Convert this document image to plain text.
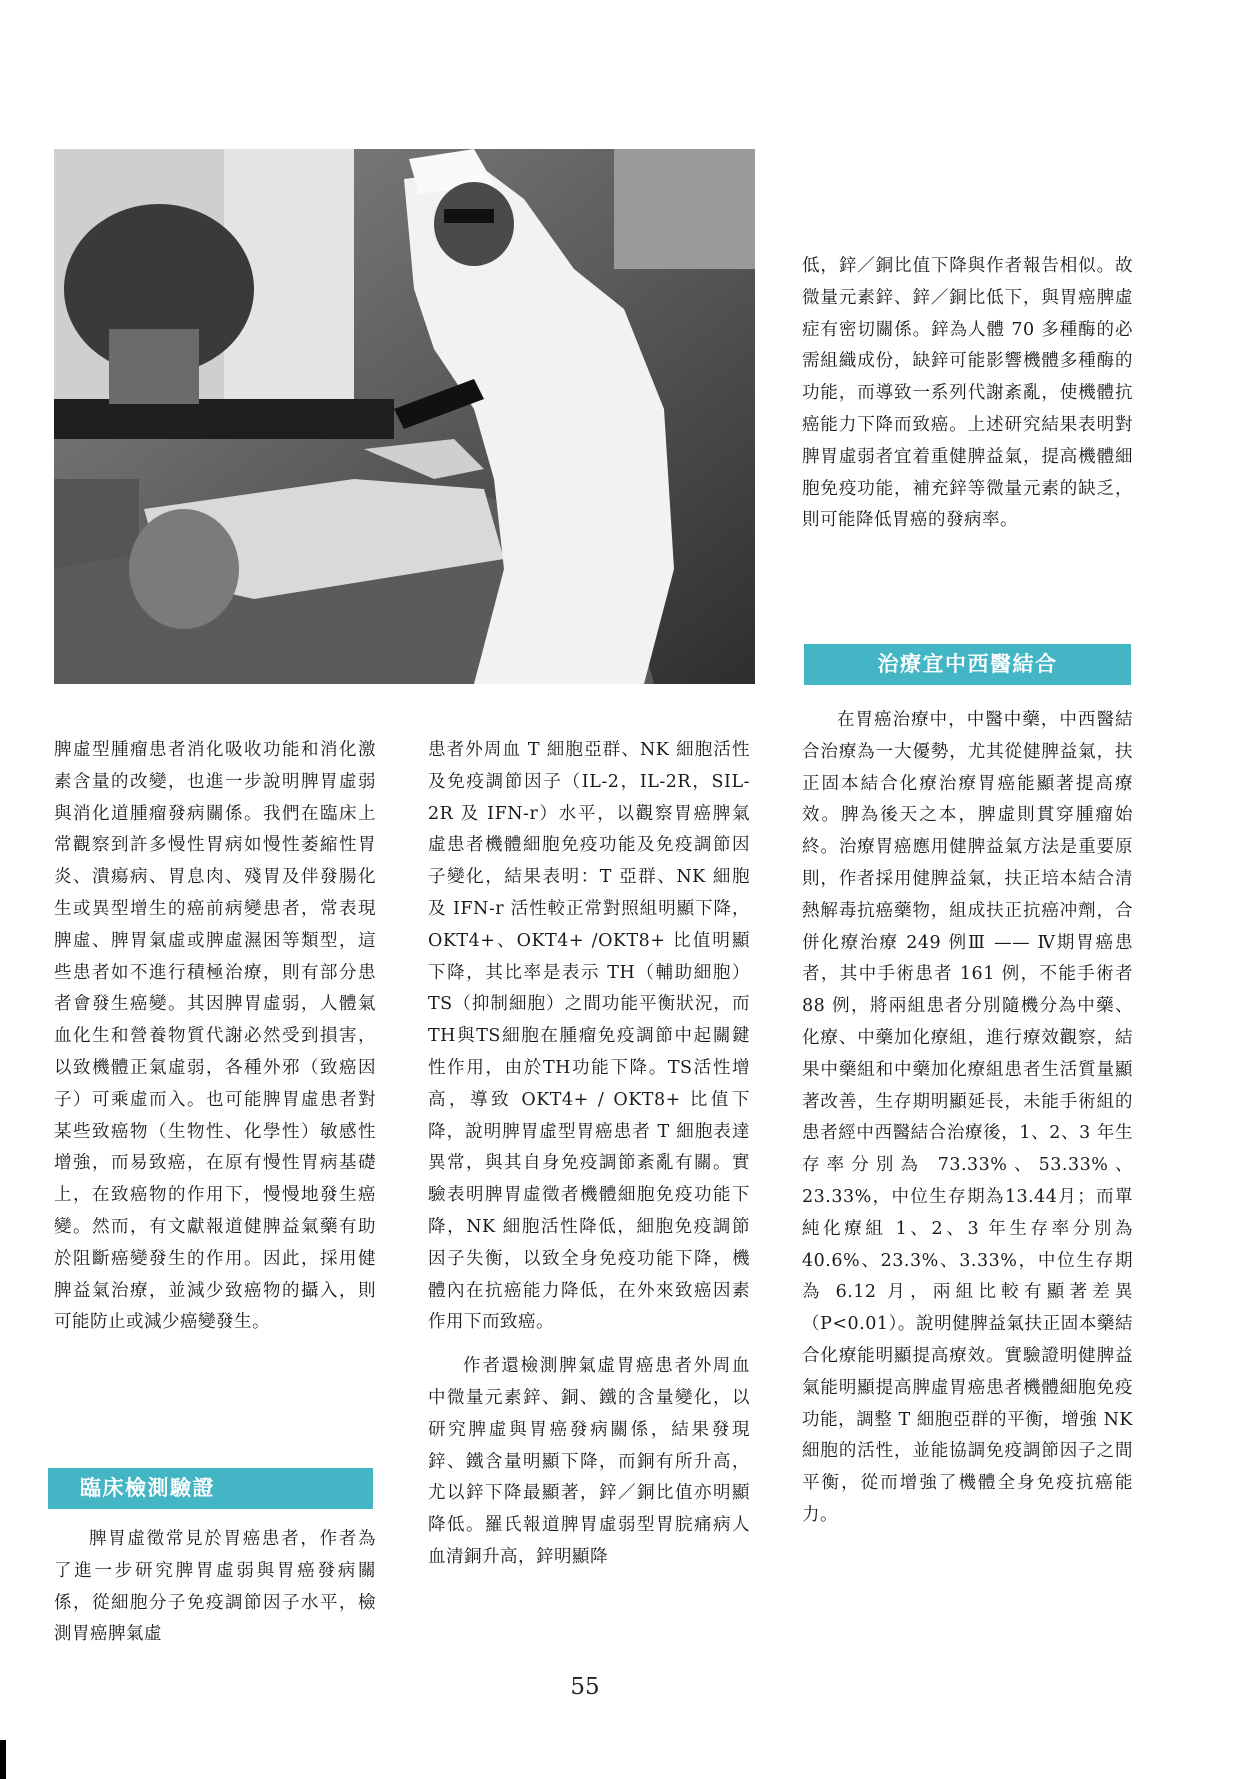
低，鋅／銅比值下降與作者報告相似。故微量元素鋅、鋅／銅比低下，與胃癌脾虛症有密切關係。鋅為人體 70 多種酶的必需組織成份，缺鋅可能影響機體多種酶的功能，而導致一系列代謝紊亂，使機體抗癌能力下降而致癌。上述研究結果表明對脾胃虛弱者宜着重健脾益氣，提高機體細胞免疫功能，補充鋅等微量元素的缺乏，則可能降低胃癌的發病率。

治療宜中西醫結合

脾虛型腫瘤患者消化吸收功能和消化激素含量的改變，也進一步說明脾胃虛弱與消化道腫瘤發病關係。我們在臨床上常觀察到許多慢性胃病如慢性萎縮性胃炎、潰瘍病、胃息肉、殘胃及伴發腸化生或異型增生的癌前病變患者，常表現脾虛、脾胃氣虛或脾虛濕困等類型，這些患者如不進行積極治療，則有部分患者會發生癌變。其因脾胃虛弱，人體氣血化生和營養物質代謝必然受到損害，以致機體正氣虛弱，各種外邪（致癌因子）可乘虛而入。也可能脾胃虛患者對某些致癌物（生物性、化學性）敏感性增強，而易致癌，在原有慢性胃病基礎上，在致癌物的作用下，慢慢地發生癌變。然而，有文獻報道健脾益氣藥有助於阻斷癌變發生的作用。因此，採用健脾益氣治療，並減少致癌物的攝入，則可能防止或減少癌變發生。

臨床檢測驗證

脾胃虛徵常見於胃癌患者，作者為了進一步研究脾胃虛弱與胃癌發病關係，從細胞分子免疫調節因子水平，檢測胃癌脾氣虛

患者外周血 T 細胞亞群、NK 細胞活性及免疫調節因子（IL-2，IL-2R，SIL-2R 及 IFN-r）水平，以觀察胃癌脾氣虛患者機體細胞免疫功能及免疫調節因子變化，結果表明：T 亞群、NK 細胞及 IFN-r 活性較正常對照組明顯下降，OKT4+、OKT4+ /OKT8+ 比值明顯下降，其比率是表示 TH（輔助細胞）TS（抑制細胞）之間功能平衡狀況，而TH與TS細胞在腫瘤免疫調節中起關鍵性作用，由於TH功能下降。TS活性增高，導致 OKT4+ / OKT8+ 比值下降，說明脾胃虛型胃癌患者 T 細胞表達異常，與其自身免疫調節紊亂有關。實驗表明脾胃虛徵者機體細胞免疫功能下降，NK 細胞活性降低，細胞免疫調節因子失衡，以致全身免疫功能下降，機體內在抗癌能力降低，在外來致癌因素作用下而致癌。

作者還檢測脾氣虛胃癌患者外周血中微量元素鋅、銅、鐵的含量變化，以研究脾虛與胃癌發病關係，結果發現鋅、鐵含量明顯下降，而銅有所升高，尤以鋅下降最顯著，鋅／銅比值亦明顯降低。羅氏報道脾胃虛弱型胃脘痛病人血清銅升高，鋅明顯降

在胃癌治療中，中醫中藥，中西醫結合治療為一大優勢，尤其從健脾益氣，扶正固本結合化療治療胃癌能顯著提高療效。脾為後天之本，脾虛則貫穿腫瘤始終。治療胃癌應用健脾益氣方法是重要原則，作者採用健脾益氣，扶正培本結合清熱解毒抗癌藥物，組成扶正抗癌冲劑，合併化療治療 249 例Ⅲ —— Ⅳ期胃癌患者，其中手術患者 161 例，不能手術者 88 例，將兩組患者分別隨機分為中藥、化療、中藥加化療組，進行療效觀察，結果中藥組和中藥加化療組患者生活質量顯著改善，生存期明顯延長，未能手術組的患者經中西醫結合治療後，1、2、3 年生存率分別為 73.33%、53.33%、23.33%，中位生存期為13.44月；而單純化療組 1、2、3 年生存率分別為 40.6%、23.3%、3.33%，中位生存期為 6.12 月，兩組比較有顯著差異（P<0.01）。說明健脾益氣扶正固本藥結合化療能明顯提高療效。實驗證明健脾益氣能明顯提高脾虛胃癌患者機體細胞免疫功能，調整 T 細胞亞群的平衡，增強 NK 細胞的活性，並能協調免疫調節因子之間平衡，從而增強了機體全身免疫抗癌能力。

55
